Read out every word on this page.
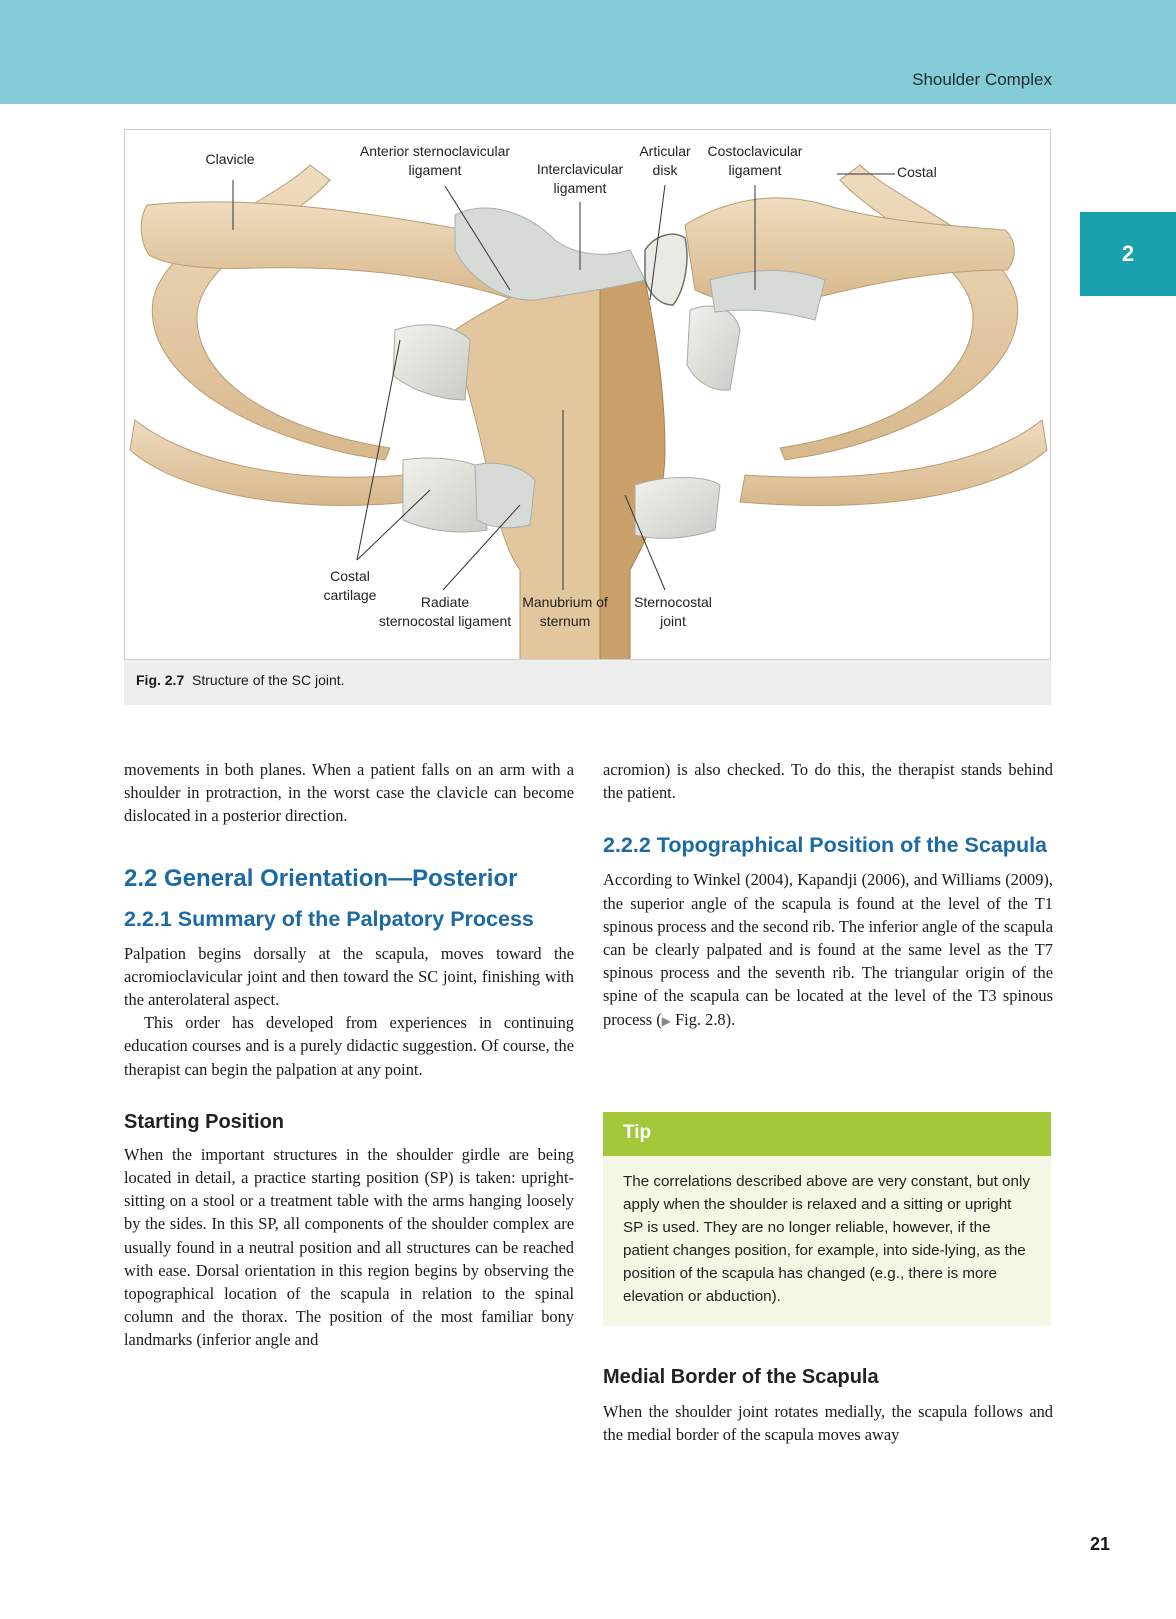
Shoulder Complex
2
Clavicle	Anterior sternoclavicular
ligament	Interclavicular
ligament
Articular
disk
Costoclavicular
ligament	Costal
Costal
cartilage	Radiate
sternocostal ligament
Manubrium of
sternum
Sternocostal
joint
Fig. 2.7 Structure of the SC joint.

movements in both planes. When a patient falls on an arm with a shoulder in protraction, in the worst case the clavicle can become dislocated in a posterior direction.

2.2 General Orientation—Posterior
2.2.1 Summary of the Palpatory Process

Palpation begins dorsally at the scapula, moves toward the acromioclavicular joint and then toward the SC joint, finishing with the anterolateral aspect.

This order has developed from experiences in continuing education courses and is a purely didactic suggestion. Of course, the therapist can begin the palpation at any point.

Starting Position

When the important structures in the shoulder girdle are being located in detail, a practice starting position (SP) is taken: upright-sitting on a stool or a treatment table with the arms hanging loosely by the sides. In this SP, all components of the shoulder complex are usually found in a neutral position and all structures can be reached with ease. Dorsal orientation in this region begins by observing the topographical location of the scapula in relation to the spinal column and the thorax. The position of the most familiar bony landmarks (inferior angle and

acromion) is also checked. To do this, the therapist stands behind the patient.

2.2.2 Topographical Position of the Scapula

According to Winkel (2004), Kapandji (2006), and Williams (2009), the superior angle of the scapula is found at the level of the T1 spinous process and the second rib. The inferior angle of the scapula can be clearly palpated and is found at the same level as the T7 spinous process and the seventh rib. The triangular origin of the spine of the scapula can be located at the level of the T3 spinous process (▶ Fig. 2.8).

Tip
The correlations described above are very constant, but only apply when the shoulder is relaxed and a sitting or upright SP is used. They are no longer reliable, however, if the patient changes position, for example, into side-lying, as the position of the scapula has changed (e.g., there is more elevation or abduction).
Medial Border of the Scapula

When the shoulder joint rotates medially, the scapula follows and the medial border of the scapula moves away

21
